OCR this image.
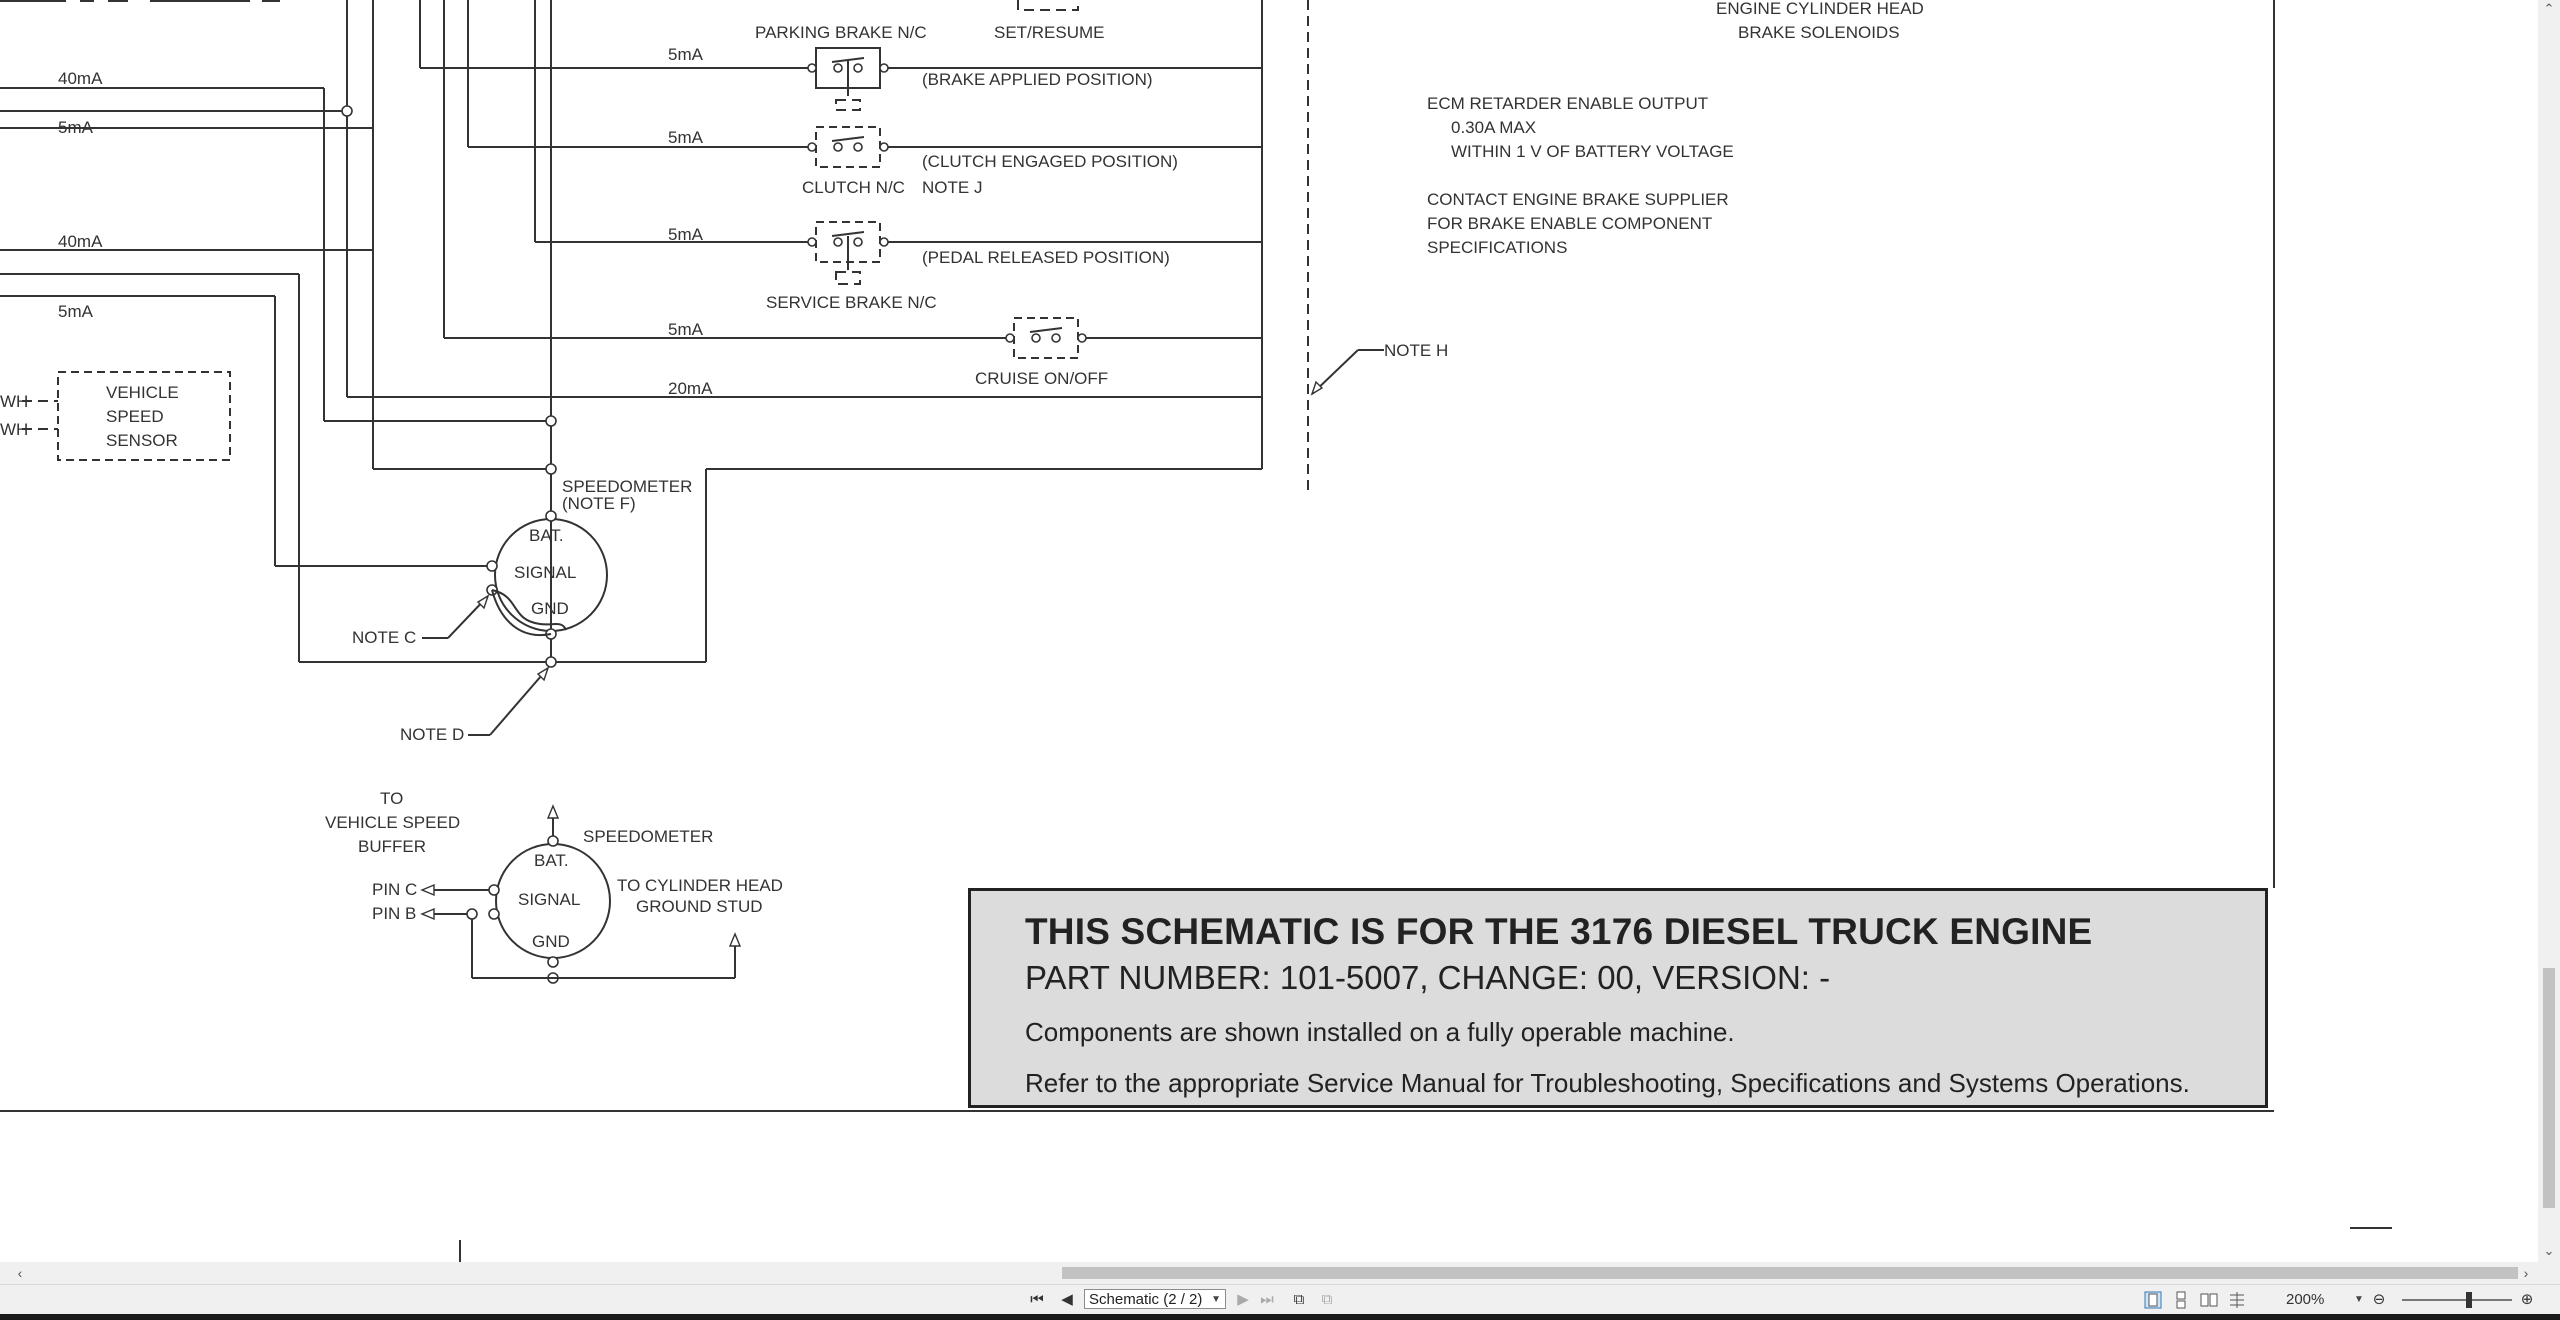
40mA
5mA
40mA
5mA
5mA
5mA
5mA
5mA
20mA
PARKING BRAKE N/C	SET/RESUME
(BRAKE APPLIED POSITION)
(CLUTCH ENGAGED POSITION)
CLUTCH N/C NOTE J
(PEDAL RELEASED POSITION)
SERVICE BRAKE N/C
CRUISE ON/OFF
NOTE H
VEHICLE
SPEED
SENSOR
WH
WH
SPEEDOMETER
(NOTE F)
BAT.
SIGNAL
GND
NOTE C
NOTE D
TO
VEHICLE SPEED
BUFFER
SPEEDOMETER
BAT.
SIGNAL
GND
PIN C
PIN B
TO CYLINDER HEAD
GROUND STUD
ENGINE CYLINDER HEAD
BRAKE SOLENOIDS
ECM RETARDER ENABLE OUTPUT
0.30A MAX
WITHIN 1 V OF BATTERY VOLTAGE
CONTACT ENGINE BRAKE SUPPLIER
FOR BRAKE ENABLE COMPONENT
SPECIFICATIONS
THIS SCHEMATIC IS FOR THE 3176 DIESEL TRUCK ENGINE
PART NUMBER: 101-5007, CHANGE: 00, VERSION: -
Components are shown installed on a fully operable machine.
Refer to the appropriate Service Manual for Troubleshooting, Specifications and Systems Operations.
⌃
⌄
‹	›
⏮ ◀	Schematic (2 / 2) ▼ ▶ ⏭ ⧉ ⧉	200%	▼ ⊖	⊕
